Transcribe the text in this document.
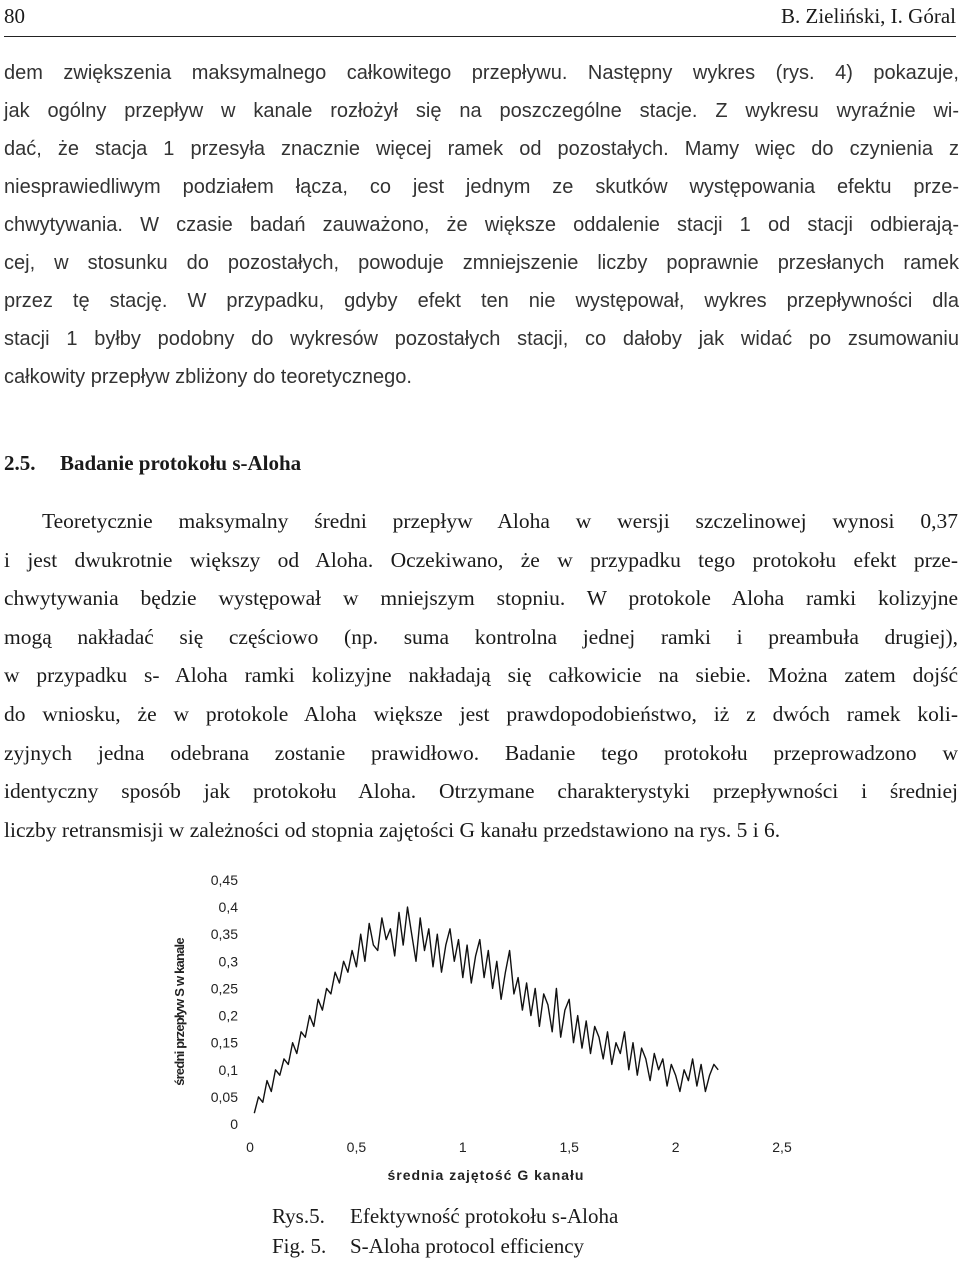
80	B. Zieliński, I. Góral
dem zwiększenia maksymalnego całkowitego przepływu. Następny wykres (rys. 4) pokazuje,
jak ogólny przepływ w kanale rozłożył się na poszczególne stacje. Z wykresu wyraźnie wi-
dać, że stacja 1 przesyła znacznie więcej ramek od pozostałych. Mamy więc do czynienia z
niesprawiedliwym podziałem łącza, co jest jednym ze skutków występowania efektu prze-
chwytywania. W czasie badań zauważono, że większe oddalenie stacji 1 od stacji odbierają-
cej, w stosunku do pozostałych, powoduje zmniejszenie liczby poprawnie przesłanych ramek
przez tę stację. W przypadku, gdyby efekt ten nie występował, wykres przepływności dla
stacji 1 byłby podobny do wykresów pozostałych stacji, co dałoby jak widać po zsumowaniu
całkowity przepływ zbliżony do teoretycznego.
2.5. Badanie protokołu s-Aloha
Teoretycznie maksymalny średni przepływ Aloha w wersji szczelinowej wynosi 0,37
i jest dwukrotnie większy od Aloha. Oczekiwano, że w przypadku tego protokołu efekt prze-
chwytywania będzie występował w mniejszym stopniu. W protokole Aloha ramki kolizyjne
mogą nakładać się częściowo (np. suma kontrolna jednej ramki i preambuła drugiej),
w przypadku s- Aloha ramki kolizyjne nakładają się całkowicie na siebie. Można zatem dojść
do wniosku, że w protokole Aloha większe jest prawdopodobieństwo, iż z dwóch ramek koli-
zyjnych jedna odebrana zostanie prawidłowo. Badanie tego protokołu przeprowadzono w
identyczny sposób jak protokołu Aloha. Otrzymane charakterystyki przepływności i średniej
liczby retransmisji w zależności od stopnia zajętości G kanału przedstawiono na rys. 5 i 6.
0
0,05
0,1
0,15
0,2
0,25
0,3
0,35
0,4
0,45
0	0,5	1	1,5	2	2,5
średnia zajętość G kanału
średni przepływ S w kanale
Rys.5. Efektywność protokołu s-Aloha
Fig. 5. S-Aloha protocol efficiency
